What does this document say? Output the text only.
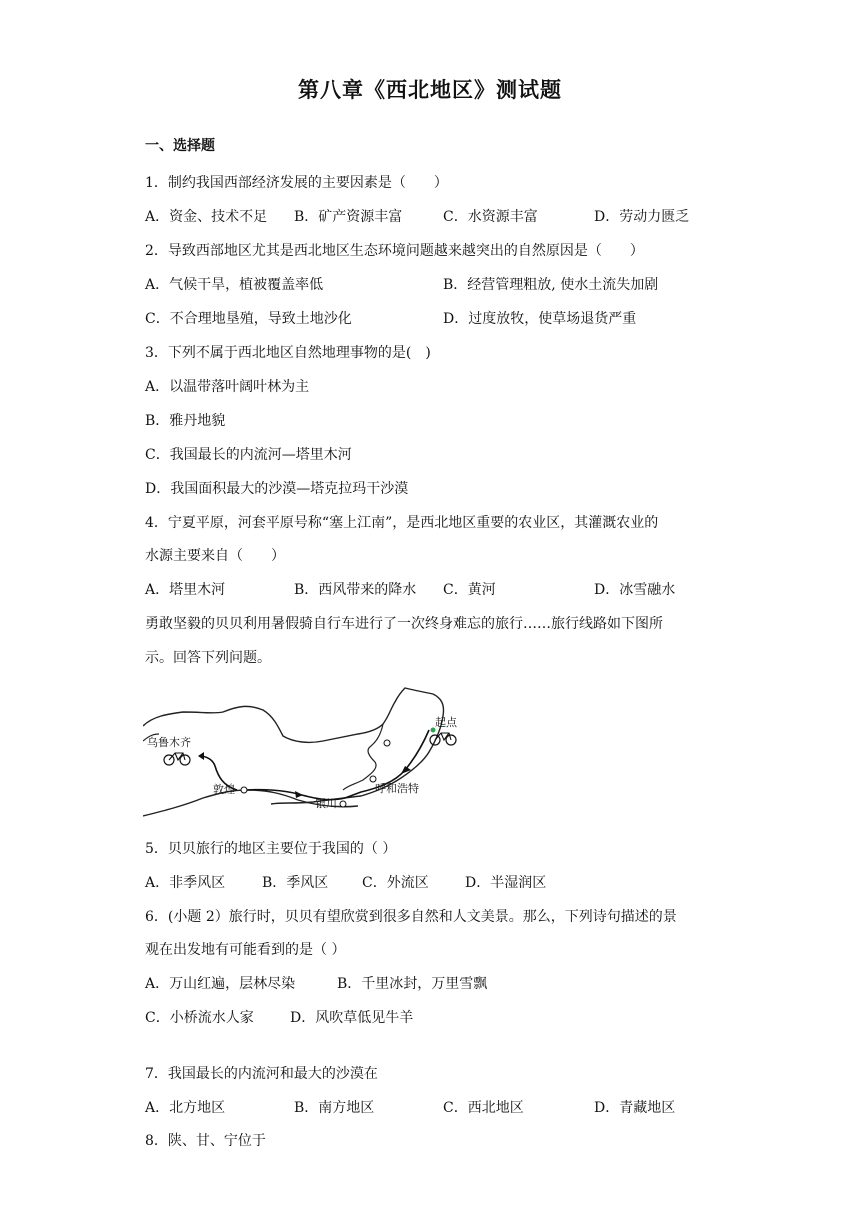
第八章《西北地区》测试题
一、选择题
1．制约我国西部经济发展的主要因素是（　　）
A．资金、技术不足 B．矿产资源丰富	C．水资源丰富	D．劳动力匮乏
2．导致西部地区尤其是西北地区生态环境问题越来越突出的自然原因是（　　）
A．气候干旱，植被覆盖率低	B．经营管理粗放, 使水土流失加剧
C．不合理地垦殖，导致土地沙化	D．过度放牧，使草场退货严重
3．下列不属于西北地区自然地理事物的是(　)
A．以温带落叶阔叶林为主
B．雅丹地貌
C．我国最长的内流河—塔里木河
D．我国面积最大的沙漠—塔克拉玛干沙漠
4．宁夏平原，河套平原号称“塞上江南”，是西北地区重要的农业区，其灌溉农业的
水源主要来自（　　）
A．塔里木河	B．西风带来的降水 C．黄河	D．冰雪融水
勇敢坚毅的贝贝利用暑假骑自行车进行了一次终身难忘的旅行……旅行线路如下图所
示。回答下列问题。
起点
乌鲁木齐
敦煌
银川
呼和浩特
5．贝贝旅行的地区主要位于我国的（ ）
A．非季风区	B．季风区 C．外流区	D．半湿润区
6．(小题 2）旅行时，贝贝有望欣赏到很多自然和人文美景。那么，下列诗句描述的景
观在出发地有可能看到的是（ ）
A．万山红遍，层林尽染	B．千里冰封，万里雪飘
C．小桥流水人家	D．风吹草低见牛羊
7．我国最长的内流河和最大的沙漠在
A．北方地区	B．南方地区	C．西北地区	D．青藏地区
8．陕、甘、宁位于
